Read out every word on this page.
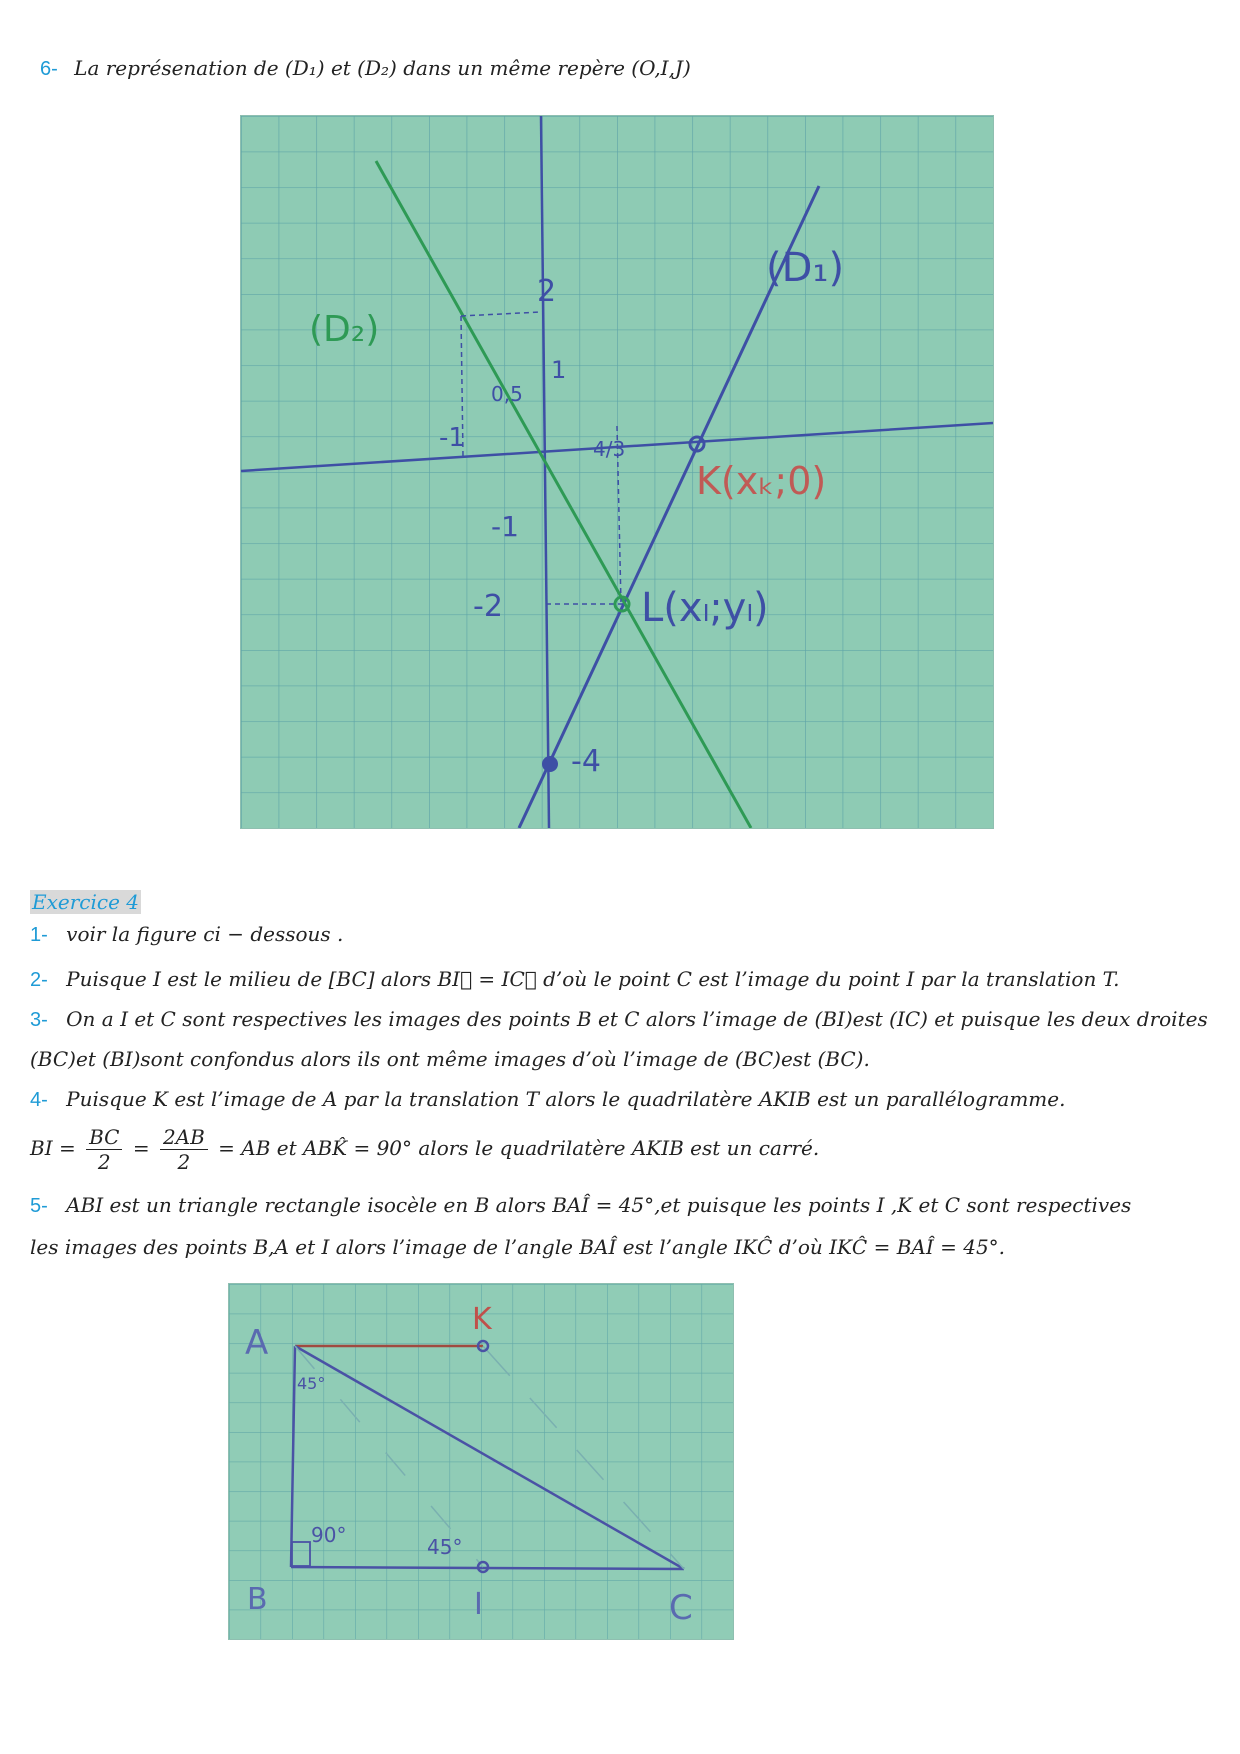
6- La représenation de (D₁) et (D₂) dans un même repère (O,I,J)
(D₁)
(D₂)
K(xₖ;0)
L(xₗ;yₗ)
2
1
-1
-2
-4
-1	4/3
0,5
Exercice 4
1- voir la figure ci − dessous .
2- Puisque I est le milieu de [BC] alors BI⃗ = IC⃗ d’où le point C est l’image du point I par la translation T.
3- On a I et C sont respectives les images des points B et C alors l’image de (BI)est (IC) et puisque les deux droites
(BC)et (BI)sont confondus alors ils ont même images d’où l’image de (BC)est (BC).
4- Puisque K est l’image de A par la translation T alors le quadrilatère AKIB est un parallélogramme.
BI = $\frac{BC}{2} = \frac{2AB}{2}$ = AB et ABK̂ = 90° alors le quadrilatère AKIB est un carré.
5- ABI est un triangle rectangle isocèle en B alors BAÎ = 45°,et puisque les points I ,K et C sont respectives
les images des points B,A et I alors l’image de l’angle BAÎ est l’angle IKĈ d’où IKĈ = BAÎ = 45°.
A
K
B	I	C
45°
90°	45°
